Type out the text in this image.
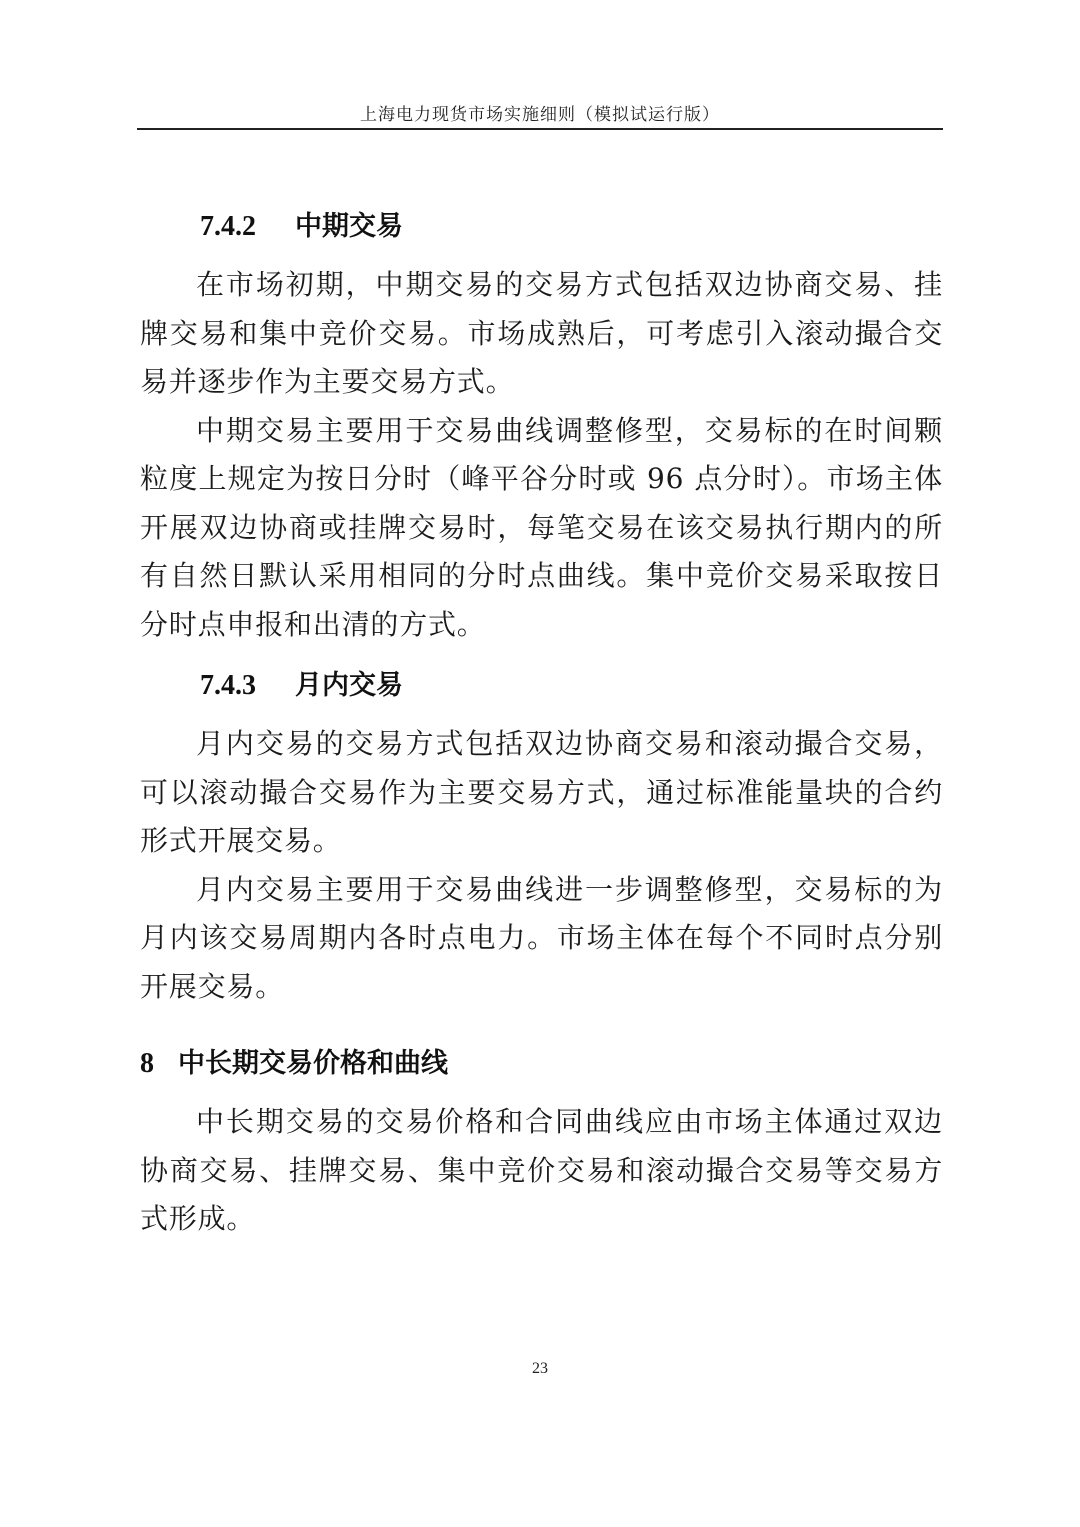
上海电力现货市场实施细则（模拟试运行版）
7.4.2 中期交易

在市场初期，中期交易的交易方式包括双边协商交易、挂牌交易和集中竞价交易。市场成熟后，可考虑引入滚动撮合交易并逐步作为主要交易方式。

中期交易主要用于交易曲线调整修型，交易标的在时间颗粒度上规定为按日分时（峰平谷分时或 96 点分时）。市场主体开展双边协商或挂牌交易时，每笔交易在该交易执行期内的所有自然日默认采用相同的分时点曲线。集中竞价交易采取按日分时点申报和出清的方式。

7.4.3 月内交易

月内交易的交易方式包括双边协商交易和滚动撮合交易，可以滚动撮合交易作为主要交易方式，通过标准能量块的合约形式开展交易。

月内交易主要用于交易曲线进一步调整修型，交易标的为月内该交易周期内各时点电力。市场主体在每个不同时点分别开展交易。

8 中长期交易价格和曲线

中长期交易的交易价格和合同曲线应由市场主体通过双边协商交易、挂牌交易、集中竞价交易和滚动撮合交易等交易方式形成。

23
